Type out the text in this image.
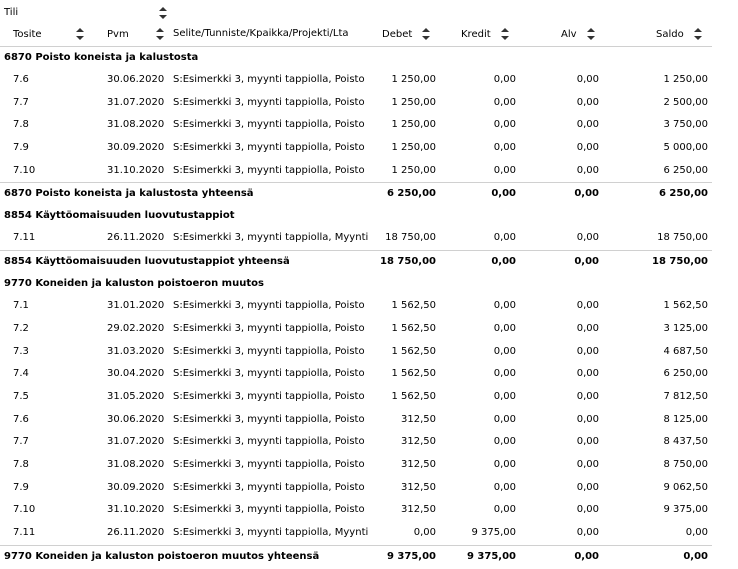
Tili
Tosite	Pvm	Selite/Tunniste/Kpaikka/Projekti/Lta	Debet	Kredit	Alv	Saldo
6870 Poisto koneista ja kalustosta
7.6	30.06.2020 S:Esimerkki 3, myynti tappiolla, Poisto	1 250,00	0,00	0,00	1 250,00
7.7	31.07.2020 S:Esimerkki 3, myynti tappiolla, Poisto	1 250,00	0,00	0,00	2 500,00
7.8	31.08.2020 S:Esimerkki 3, myynti tappiolla, Poisto	1 250,00	0,00	0,00	3 750,00
7.9	30.09.2020 S:Esimerkki 3, myynti tappiolla, Poisto	1 250,00	0,00	0,00	5 000,00
7.10	31.10.2020 S:Esimerkki 3, myynti tappiolla, Poisto	1 250,00	0,00	0,00	6 250,00
6870 Poisto koneista ja kalustosta yhteensä	6 250,00	0,00	0,00	6 250,00
8854 Käyttöomaisuuden luovutustappiot
7.11	26.11.2020 S:Esimerkki 3, myynti tappiolla, Myynti	18 750,00	0,00	0,00	18 750,00
8854 Käyttöomaisuuden luovutustappiot yhteensä	18 750,00	0,00	0,00	18 750,00
9770 Koneiden ja kaluston poistoeron muutos
7.1	31.01.2020 S:Esimerkki 3, myynti tappiolla, Poisto	1 562,50	0,00	0,00	1 562,50
7.2	29.02.2020 S:Esimerkki 3, myynti tappiolla, Poisto	1 562,50	0,00	0,00	3 125,00
7.3	31.03.2020 S:Esimerkki 3, myynti tappiolla, Poisto	1 562,50	0,00	0,00	4 687,50
7.4	30.04.2020 S:Esimerkki 3, myynti tappiolla, Poisto	1 562,50	0,00	0,00	6 250,00
7.5	31.05.2020 S:Esimerkki 3, myynti tappiolla, Poisto	1 562,50	0,00	0,00	7 812,50
7.6	30.06.2020 S:Esimerkki 3, myynti tappiolla, Poisto	312,50	0,00	0,00	8 125,00
7.7	31.07.2020 S:Esimerkki 3, myynti tappiolla, Poisto	312,50	0,00	0,00	8 437,50
7.8	31.08.2020 S:Esimerkki 3, myynti tappiolla, Poisto	312,50	0,00	0,00	8 750,00
7.9	30.09.2020 S:Esimerkki 3, myynti tappiolla, Poisto	312,50	0,00	0,00	9 062,50
7.10	31.10.2020 S:Esimerkki 3, myynti tappiolla, Poisto	312,50	0,00	0,00	9 375,00
7.11	26.11.2020 S:Esimerkki 3, myynti tappiolla, Myynti	0,00	9 375,00	0,00	0,00
9770 Koneiden ja kaluston poistoeron muutos yhteensä	9 375,00	9 375,00	0,00	0,00
